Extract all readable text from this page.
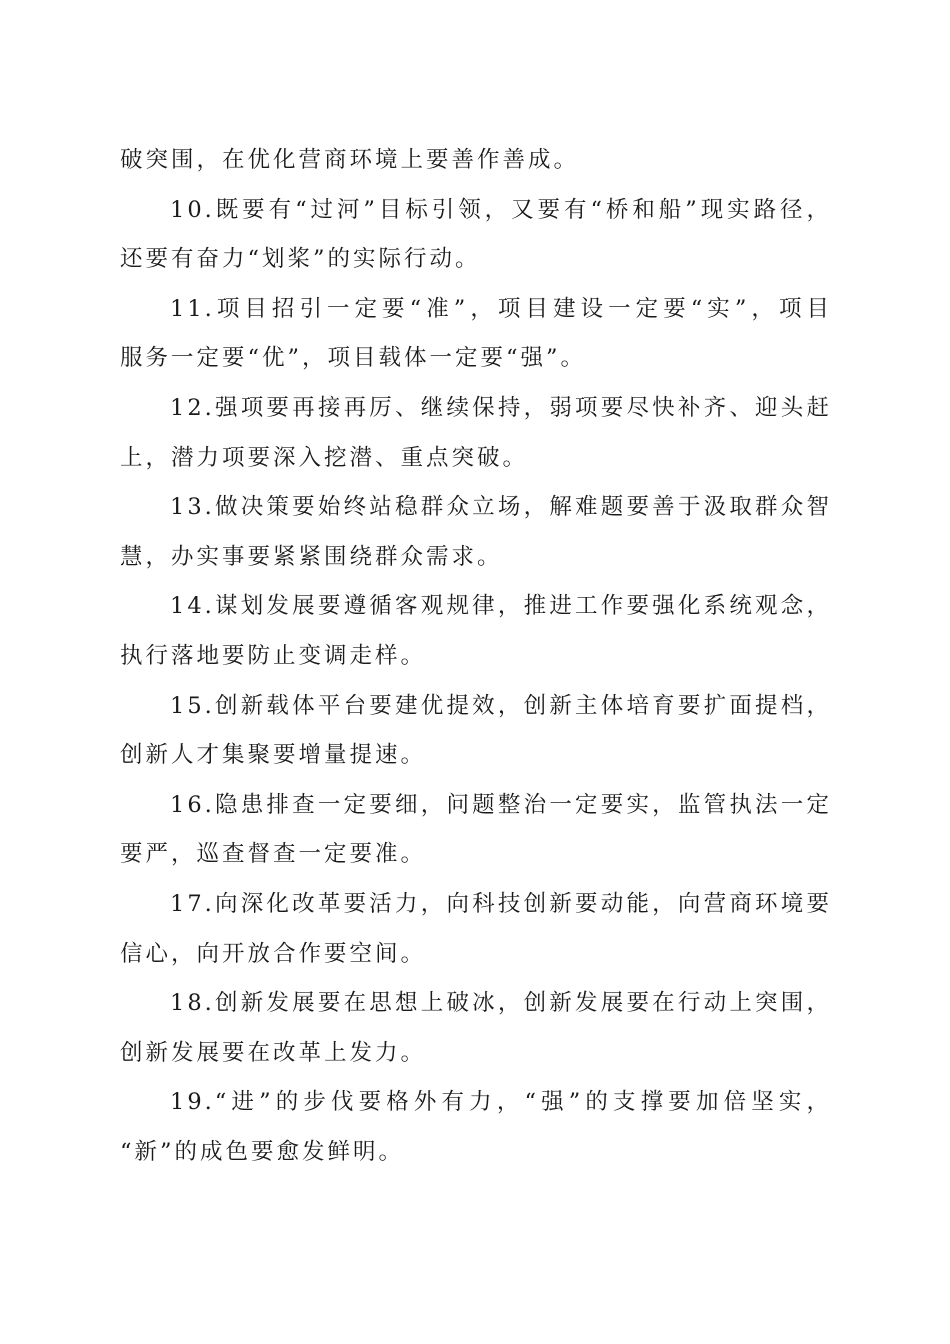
破突围，在优化营商环境上要善作善成。
10.既要有“过河”目标引领，又要有“桥和船”现实路径，
还要有奋力“划桨”的实际行动。
11.项目招引一定要“准”，项目建设一定要“实”，项目
服务一定要“优”，项目载体一定要“强”。
12.强项要再接再厉、继续保持，弱项要尽快补齐、迎头赶
上，潜力项要深入挖潜、重点突破。
13.做决策要始终站稳群众立场，解难题要善于汲取群众智
慧，办实事要紧紧围绕群众需求。
14.谋划发展要遵循客观规律，推进工作要强化系统观念，
执行落地要防止变调走样。
15.创新载体平台要建优提效，创新主体培育要扩面提档，
创新人才集聚要增量提速。
16.隐患排查一定要细，问题整治一定要实，监管执法一定
要严，巡查督查一定要准。
17.向深化改革要活力，向科技创新要动能，向营商环境要
信心，向开放合作要空间。
18.创新发展要在思想上破冰，创新发展要在行动上突围，
创新发展要在改革上发力。
19.“进”的步伐要格外有力，“强”的支撑要加倍坚实，
“新”的成色要愈发鲜明。
